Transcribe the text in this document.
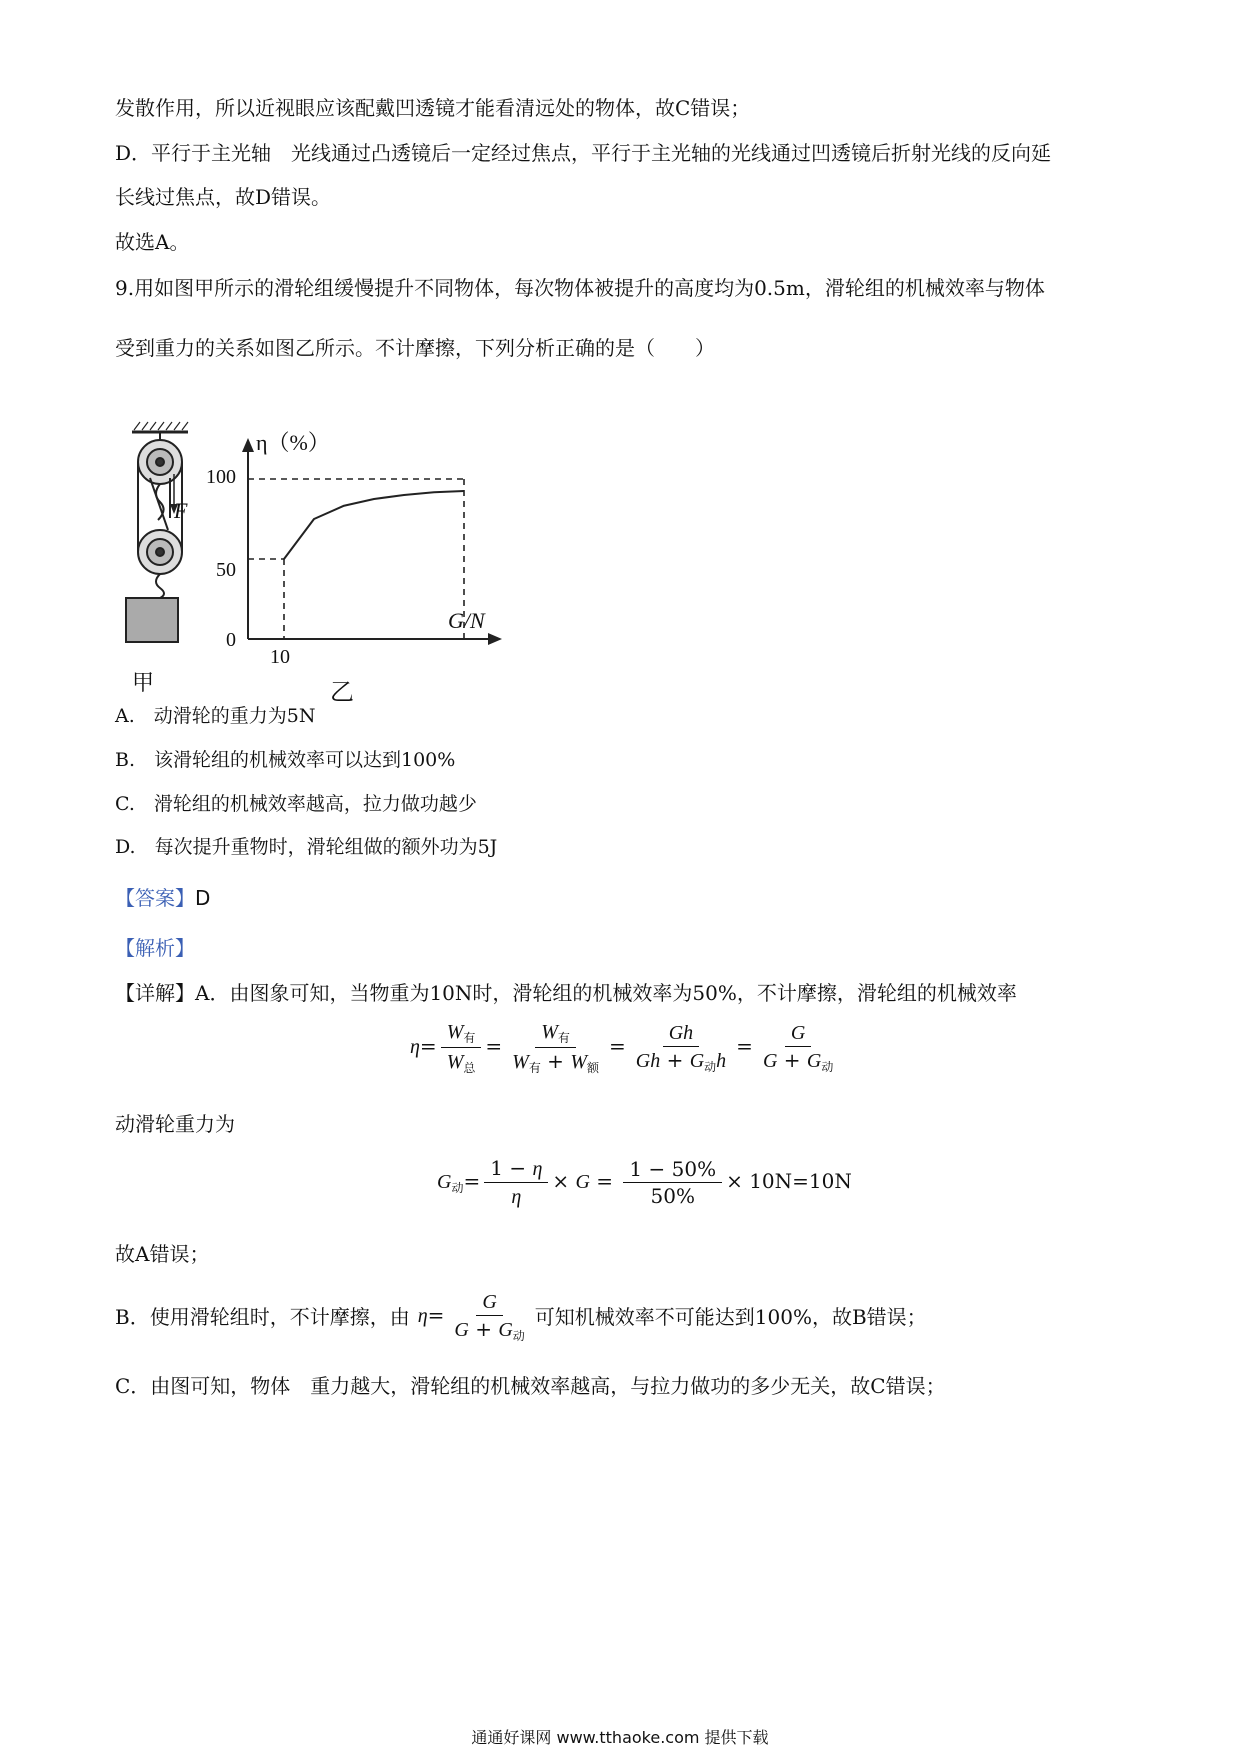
发散作用，所以近视眼应该配戴凹透镜才能看清远处的物体，故C错误；
D．平行于主光轴　光线通过凸透镜后一定经过焦点，平行于主光轴的光线通过凹透镜后折射光线的反向延
长线过焦点，故D错误。
故选A。
9.用如图甲所示的滑轮组缓慢提升不同物体，每次物体被提升的高度均为0.5m，滑轮组的机械效率与物体
受到重力的关系如图乙所示。不计摩擦，下列分析正确的是（　　）
F
甲
η（%）
G/N
100
50
0
10
乙
A.　动滑轮的重力为5N
B.　该滑轮组的机械效率可以达到100%
C.　滑轮组的机械效率越高，拉力做功越少
D.　每次提升重物时，滑轮组做的额外功为5J
【答案】D
【解析】
【详解】A．由图象可知，当物重为10N时，滑轮组的机械效率为50%，不计摩擦，滑轮组的机械效率
$\eta= \frac{W_有}{W_总} = \frac{W_有}{W_有 + W_额} = \frac{Gh}{Gh + G_动h} = \frac{G}{G + G_动}$
动滑轮重力为
$G_动= \frac{1 - \eta}{\eta} \times G = \frac{1 - 50\%}{50\%} \times 10N=10N$
故A错误；
B．使用滑轮组时，不计摩擦，由 $\eta= \frac{G}{G + G_动}$ 可知机械效率不可能达到100%，故B错误；
C．由图可知，物体　重力越大，滑轮组的机械效率越高，与拉力做功的多少无关，故C错误；
通通好课网 www.tthaoke.com 提供下载
